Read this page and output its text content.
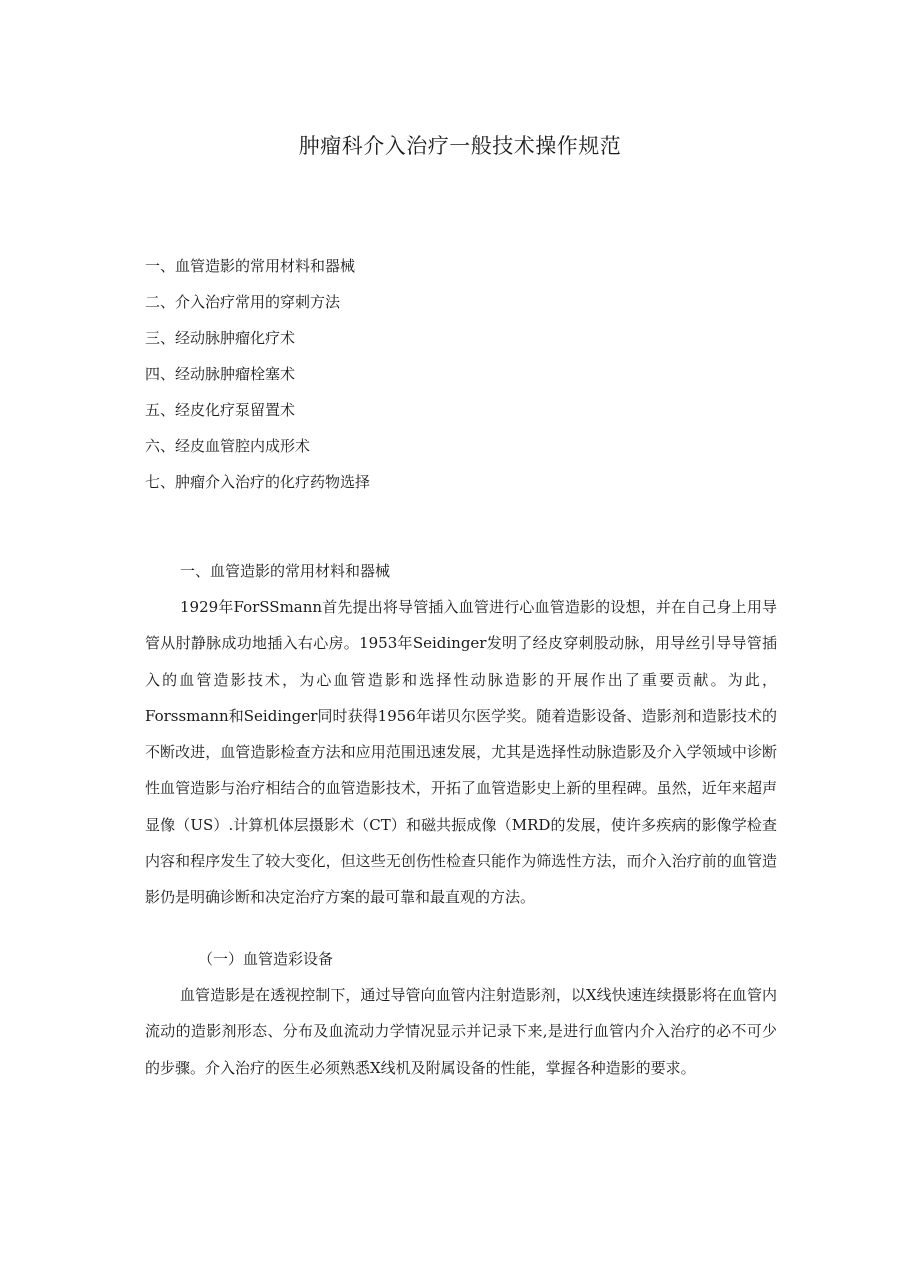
肿瘤科介入治疗一般技术操作规范
一、血管造影的常用材料和器械
二、介入治疗常用的穿刺方法
三、经动脉肿瘤化疗术
四、经动脉肿瘤栓塞术
五、经皮化疗泵留置术
六、经皮血管腔内成形术
七、肿瘤介入治疗的化疗药物选择
一、血管造影的常用材料和器械

1929年ForSSmann首先提出将导管插入血管进行心血管造影的设想，并在自己身上用导管从肘静脉成功地插入右心房。1953年Seidinger发明了经皮穿刺股动脉，用导丝引导导管插入的血管造影技术，为心血管造影和选择性动脉造影的开展作出了重要贡献。为此，Forssmann和Seidinger同时获得1956年诺贝尔医学奖。随着造影设备、造影剂和造影技术的不断改进，血管造影检查方法和应用范围迅速发展，尤其是选择性动脉造影及介入学领域中诊断性血管造影与治疗相结合的血管造影技术，开拓了血管造影史上新的里程碑。虽然，近年来超声显像（US）.计算机体层摄影术（CT）和磁共振成像（MRD的发展，使许多疾病的影像学检查内容和程序发生了较大变化，但这些无创伤性检查只能作为筛选性方法，而介入治疗前的血管造影仍是明确诊断和决定治疗方案的最可靠和最直观的方法。

（一）血管造彩设备

血管造影是在透视控制下，通过导管向血管内注射造影剂，以X线快速连续摄影将在血管内流动的造影剂形态、分布及血流动力学情况显示并记录下来,是进行血管内介入治疗的必不可少的步骤。介入治疗的医生必须熟悉X线机及附属设备的性能，掌握各种造影的要求。
